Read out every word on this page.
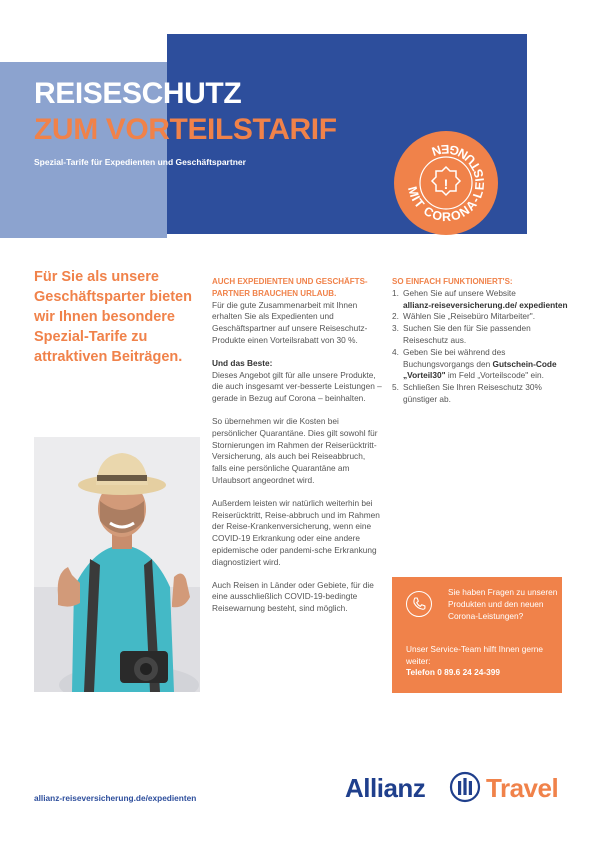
REISESCHUTZ
ZUM VORTEILSTARIF
Spezial-Tarife für Expedienten und Geschäftspartner
MIT CORONA-LEISTUNGEN
!
Für Sie als unsere Geschäftsparter bieten wir Ihnen besondere Spezial-Tarife zu attraktiven Beiträgen.

AUCH EXPEDIENTEN UND GESCHÄFTS-PARTNER BRAUCHEN URLAUB.

Für die gute Zusammenarbeit mit Ihnen erhalten Sie als Expedienten und Geschäftspartner auf unsere Reiseschutz-Produkte einen Vorteilsrabatt von 30 %.

Und das Beste:

Dieses Angebot gilt für alle unsere Produkte, die auch insgesamt ver-besserte Leistungen – gerade in Bezug auf Corona – beinhalten.

So übernehmen wir die Kosten bei persönlicher Quarantäne. Dies gilt sowohl für Stornierungen im Rahmen der Reiserücktritt-Versicherung, als auch bei Reiseabbruch, falls eine persönliche Quarantäne am Urlaubsort angeordnet wird.

Außerdem leisten wir natürlich weiterhin bei Reiserücktritt, Reise-abbruch und im Rahmen der Reise-Krankenversicherung, wenn eine COVID-19 Erkrankung oder eine andere epidemische oder pandemi-sche Erkrankung diagnostiziert wird.

Auch Reisen in Länder oder Gebiete, für die eine ausschließlich COVID-19-bedingte Reisewarnung besteht, sind möglich.

SO EINFACH FUNKTIONIERT'S:

1. Gehen Sie auf unsere Website
allianz-reiseversicherung.de/ expedienten
2. Wählen Sie „Reisebüro Mitarbeiter".
3. Suchen Sie den für Sie passenden Reiseschutz aus.
4. Geben Sie bei während des Buchungsvorgangs den Gutschein-Code „Vorteil30" im Feld „Vorteilscode" ein.
5. Schließen Sie Ihren Reiseschutz 30% günstiger ab.
Sie haben Fragen zu unseren Produkten und den neuen Corona-Leistungen?
Unser Service-Team hilft Ihnen gerne weiter:
Telefon 0 89.6 24 24-399
allianz-reiseversicherung.de/expedienten	Allianz Travel
